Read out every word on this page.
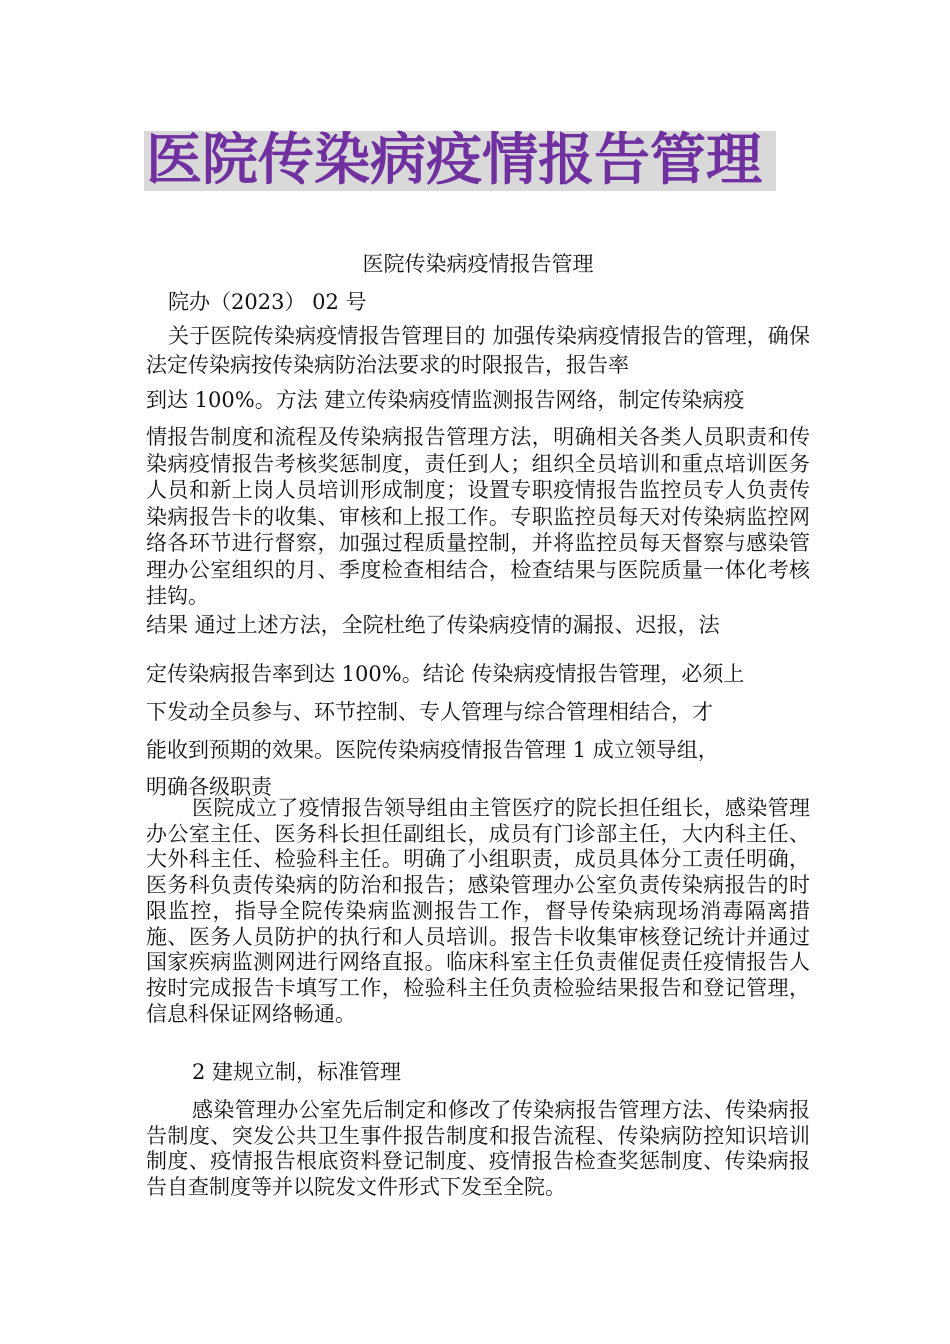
医院传染病疫情报告管理

医院传染病疫情报告管理

院办（2023） 02 号

关于医院传染病疫情报告管理目的 加强传染病疫情报告的管理，确保法定传染病按传染病防治法要求的时限报告，报告率

到达 100%。方法 建立传染病疫情监测报告网络，制定传染病疫

情报告制度和流程及传染病报告管理方法，明确相关各类人员职责和传染病疫情报告考核奖惩制度，责任到人；组织全员培训和重点培训医务人员和新上岗人员培训形成制度；设置专职疫情报告监控员专人负责传染病报告卡的收集、审核和上报工作。专职监控员每天对传染病监控网络各环节进行督察，加强过程质量控制，并将监控员每天督察与感染管理办公室组织的月、季度检查相结合，检查结果与医院质量一体化考核挂钩。

结果 通过上述方法，全院杜绝了传染病疫情的漏报、迟报，法

定传染病报告率到达 100%。结论 传染病疫情报告管理，必须上

下发动全员参与、环节控制、专人管理与综合管理相结合，才

能收到预期的效果。医院传染病疫情报告管理 1 成立领导组，

明确各级职责

医院成立了疫情报告领导组由主管医疗的院长担任组长，感染管理办公室主任、医务科长担任副组长，成员有门诊部主任，大内科主任、大外科主任、检验科主任。明确了小组职责，成员具体分工责任明确，医务科负责传染病的防治和报告；感染管理办公室负责传染病报告的时限监控，指导全院传染病监测报告工作，督导传染病现场消毒隔离措施、医务人员防护的执行和人员培训。报告卡收集审核登记统计并通过国家疾病监测网进行网络直报。临床科室主任负责催促责任疫情报告人按时完成报告卡填写工作，检验科主任负责检验结果报告和登记管理，信息科保证网络畅通。

2 建规立制，标准管理

感染管理办公室先后制定和修改了传染病报告管理方法、传染病报告制度、突发公共卫生事件报告制度和报告流程、传染病防控知识培训制度、疫情报告根底资料登记制度、疫情报告检查奖惩制度、传染病报告自查制度等并以院发文件形式下发至全院。
